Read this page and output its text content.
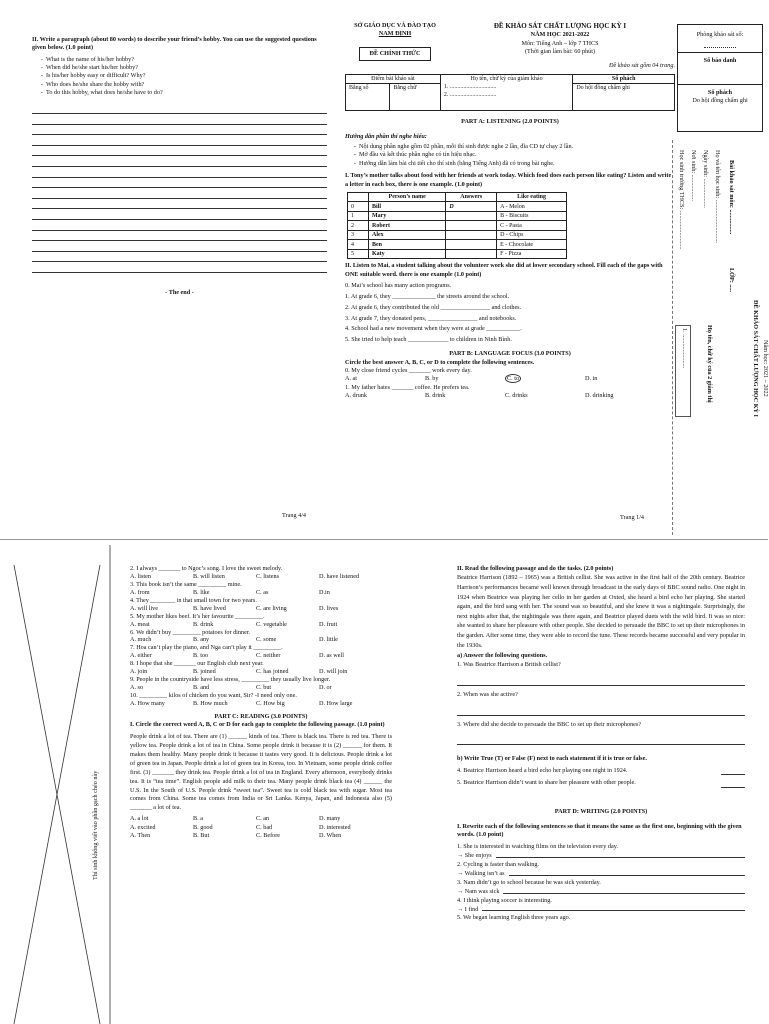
II. Write a paragraph (about 80 words) to describe your friend’s hobby. You can use the suggested questions given below. (1.0 point)

- What is the name of his/her hobby?
- When did he/she start his/her hobby?
- Is his/her hobby easy or difficult? Why?
- Who does he/she share the hobby with?
- To do this hobby, what does he/she have to do?

- The end -

Trang 4/4

SỞ GIÁO DỤC VÀ ĐÀO TẠO

NAM ĐỊNH

ĐỀ CHÍNH THỨC

ĐỀ KHẢO SÁT CHẤT LƯỢNG HỌC KỲ I

NĂM HỌC 2021-2022

Môn: Tiếng Anh – lớp 7 THCS

(Thời gian làm bài: 60 phút)

Đề khảo sát gồm 04 trang.

Điểm bài khảo sát		Họ tên, chữ ký của giám khảo
1. ...............................
2. ...............................	Số phách
Bằng số	Bằng chữ		Do hội đồng chấm ghi

PART A: LISTENING (2.0 POINTS)

Hướng dẫn phần thi nghe hiểu:

- Nội dung phần nghe gồm 02 phần, mỗi thí sinh được nghe 2 lần, đĩa CD tự chạy 2 lần.
- Mở đầu và kết thúc phần nghe có tín hiệu nhạc.
- Hướng dẫn làm bài chi tiết cho thí sinh (bằng Tiếng Anh) đã có trong bài nghe.

I. Tony’s mother talks about food with her friends at work today. Which food does each person like eating? Listen and write a letter in each box, there is one example. (1.0 point)

	Person’s name	Answers	Like eating
0	Bill	D	A - Melon
1	Mary		B - Biscuits
2	Robert		C - Pasta
3	Alex		D - Chips
4	Ben		E - Chocolate
5	Katy		F - Pizza

II. Listen to Mai, a student talking about the volunteer work she did at lower secondary school. Fill each of the gaps with ONE suitable word. there is one example (1.0 point)

0. Mai’s school has many action programs.

1. At grade 6, they ______________ the streets around the school.

2. At grade 6, they contributed the old ________________ and clothes.

3. At grade 7, they donated pens, ________________ and notebooks.

4. School had a new movement when they were at grade ___________.

5. She tried to help teach _____________ to children in Ninh Bình.

PART B: LANGUAGE FOCUS (3.0 POINTS)

Circle the best answer A, B, C, or D to complete the following sentences.

0. My close friend cycles _______ work every day.

A. at	B. by	C. to	D. in

1. My father hates _______ coffee. He prefers tea.

A. drunk	B. drink	C. drinks	D. drinking
Trang 1/4
Phòng khảo sát số:
Số báo danh
Số phách
Do hội đồng chấm ghi
Học sinh trường THCS: ......................... Nơi sinh: ................. Ngày sinh: ................... Họ và tên học sinh: ............................ Bài khảo sát môn: ................
LỚP: .....
1. ......................	Họ tên, chữ ký của 2 giám thị	ĐỀ KHẢO SÁT CHẤT LƯỢNG HỌC KỲ I Năm học: 2021 – 2022
Thí sinh không viết vào phần gạch chéo này

2. I always _______ to Ngoc’s song. I love the sweet melody.

A. listen	B. will listen	C. listens	D. have listened

3. This book isn’t the same _________ mine.

A. from	B. like	C. as	D.in

4. They ________ in that small town for two years.

A. will live	B. have lived	C. are living	D. lives

5. My mother likes beef. It’s her favourite _________.

A. meat	B. drink	C. vegetable	D. fruit

6. We didn’t buy _________ potatoes for dinner.

A. much	B. any	C. some	D. little

7. Hoa can’t play the piano, and Nga can’t play it _________.

A. either	B. too	C. neither	D. as well

8. I hope that she _______ our English club next year.

A. join	B. joined	C. has joined	D. will join

9. People in the countryside have less stress, _________ they usually live longer.

A. so	B. and	C. but	D. or

10. _________ kilos of chicken do you want, Sir? -I need only one.

A. How many	B. How much	C. How big	D. How large

PART C: READING (3.0 POINTS)

I. Circle the correct word A, B, C or D for each gap to complete the following passage. (1.0 point)

People drink a lot of tea. There are (1) ______ kinds of tea. There is black tea. There is red tea. There is yellow tea. People drink a lot of tea in China. Some people drink it because it is (2) ______ for them. It makes them healthy. Many people drink it because it tastes very good. It is delicious. People drink a lot of green tea in Japan. People drink a lot of green tea in Korea, too. In Vietnam, some people drink coffee first. (3) _______ they drink tea. People drink a lot of tea in England. Every afternoon, everybody drinks tea. It is “tea time”. English people add milk to their tea. Many people drink black tea (4) ______ the U.S. In the South of U.S. People drink “sweet tea”. Sweet tea is cold black tea with sugar. Most tea comes from China. Some tea comes from India or Sri Lanka. Kenya, Japan, and Indonesia also (5) _______ a lot of tea.

A. a lot	B. a	C. an	D. many
A. excited	B. good	C. bad	D. interested
A. Then	B. But	C. Before	D. When

II. Read the following passage and do the tasks. (2.0 points)

Beatrice Harrison (1892 – 1965) was a British cellist. She was active in the first half of the 20th century. Beatrice Harrison’s performances became well known through broadcast in the early days of BBC sound radio. One night in 1924 when Beatrice was playing her cello in her garden at Oxted, she heard a bird echo her playing. She started again, and the bird sang with her. The sound was so beautiful, and she knew it was a nightingale. Surprisingly, the next nights after that, the nightingale was there again, and Beatrice played duets with the wild bird. It was so nice: she wanted to share her pleasure with other people. She decided to persuade the BBC to set up their microphones in the garden. After some time, they were able to record the tune. These records became successful and very popular in the 1930s.

a) Answer the following questions.

1. Was Beatrice Harrison a British cellist?

2. When was she active?

3. Where did she decide to persuade the BBC to set up their microphones?

b) Write True (T) or False (F) next to each statement if it is true or false.

4. Beatrice Harrison heard a bird echo her playing one night in 1924.
5. Beatrice Harrison didn’t want to share her pleasure with other people.

PART D: WRITING (2.0 POINTS)

I. Rewrite each of the following sentences so that it means the same as the first one, beginning with the given words. (1.0 point)

1. She is interested in watching films on the television every day.

→ She enjoys

2. Cycling is faster than walking.

→ Walking isn’t as

3. Nam didn’t go to school because he was sick yesterday.

→ Nam was sick

4. I think playing soccer is interesting.

→ I find

5. We began learning English three years ago.
